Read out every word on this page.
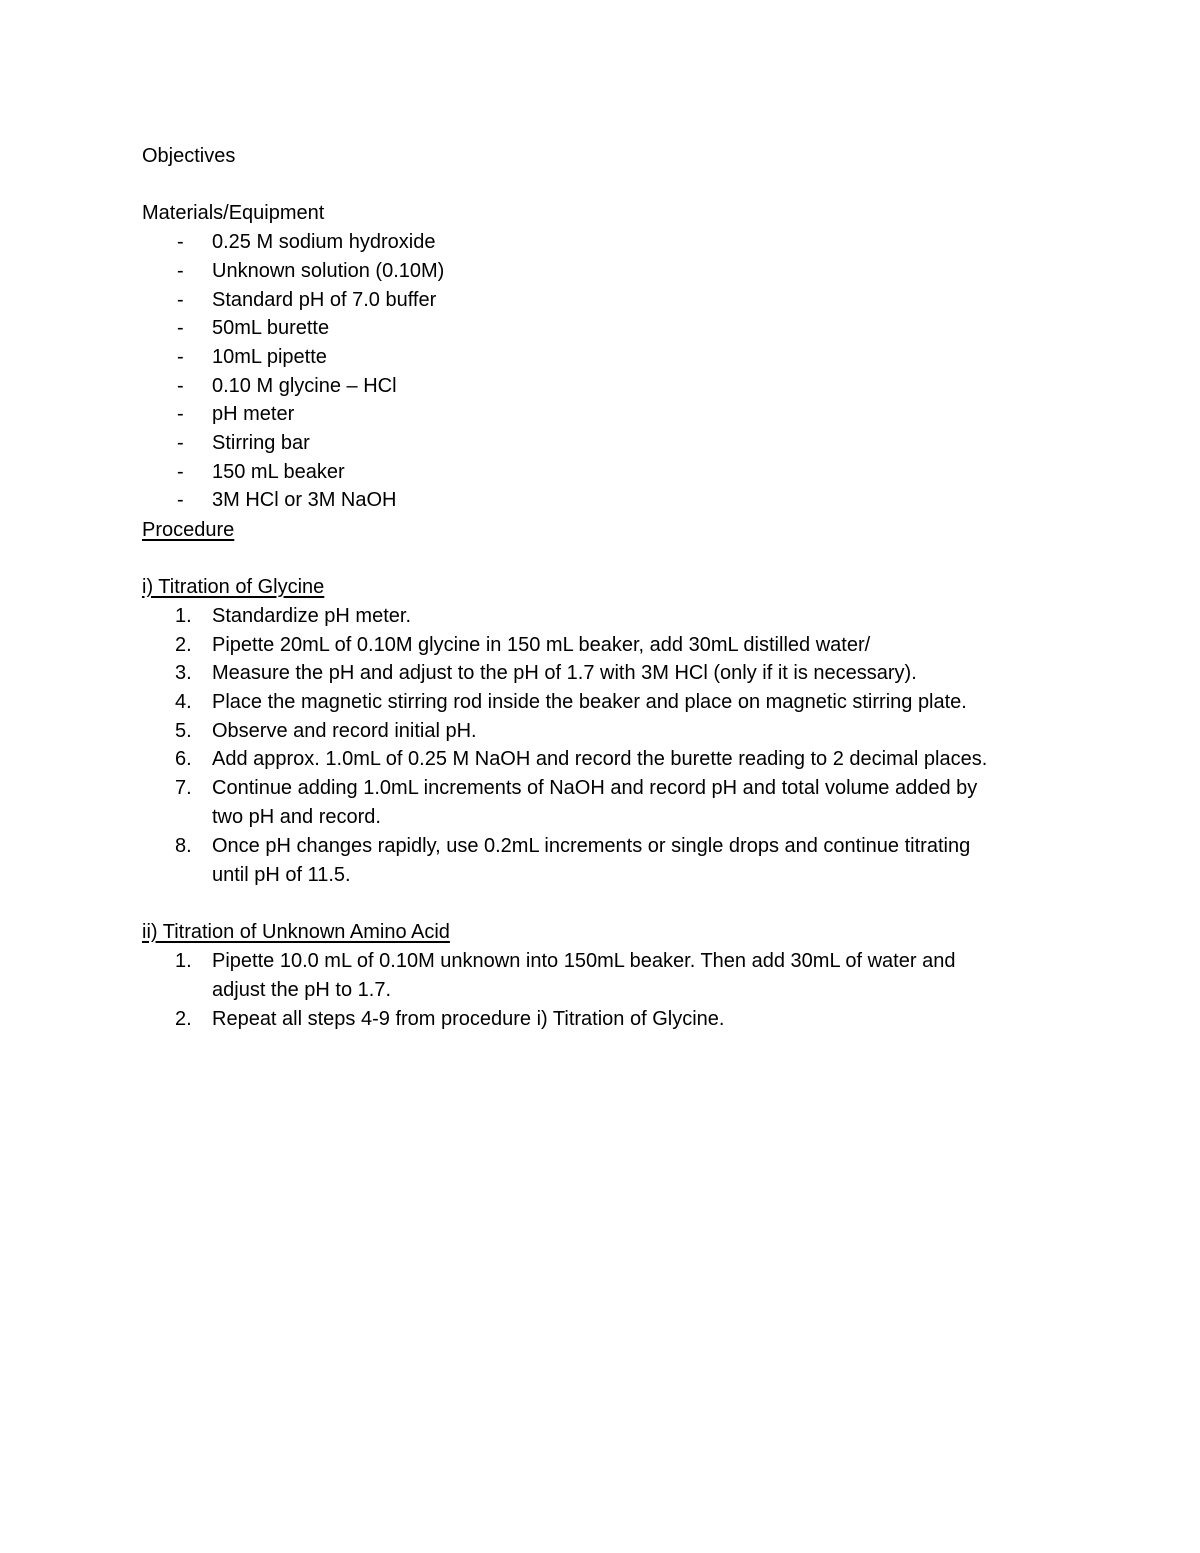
Objectives
Materials/Equipment
- 0.25 M sodium hydroxide
- Unknown solution (0.10M)
- Standard pH of 7.0 buffer
- 50mL burette
- 10mL pipette
- 0.10 M glycine – HCl
- pH meter
- Stirring bar
- 150 mL beaker
- 3M HCl or 3M NaOH
Procedure
i) Titration of Glycine
1. Standardize pH meter.
2. Pipette 20mL of 0.10M glycine in 150 mL beaker, add 30mL distilled water/
3. Measure the pH and adjust to the pH of 1.7 with 3M HCl (only if it is necessary).
4. Place the magnetic stirring rod inside the beaker and place on magnetic stirring plate.
5. Observe and record initial pH.
6. Add approx. 1.0mL of 0.25 M NaOH and record the burette reading to 2 decimal places.
7. Continue adding 1.0mL increments of NaOH and record pH and total volume added by
two pH and record.
8. Once pH changes rapidly, use 0.2mL increments or single drops and continue titrating
until pH of 11.5.
ii) Titration of Unknown Amino Acid
1. Pipette 10.0 mL of 0.10M unknown into 150mL beaker. Then add 30mL of water and
adjust the pH to 1.7.
2. Repeat all steps 4-9 from procedure i) Titration of Glycine.
